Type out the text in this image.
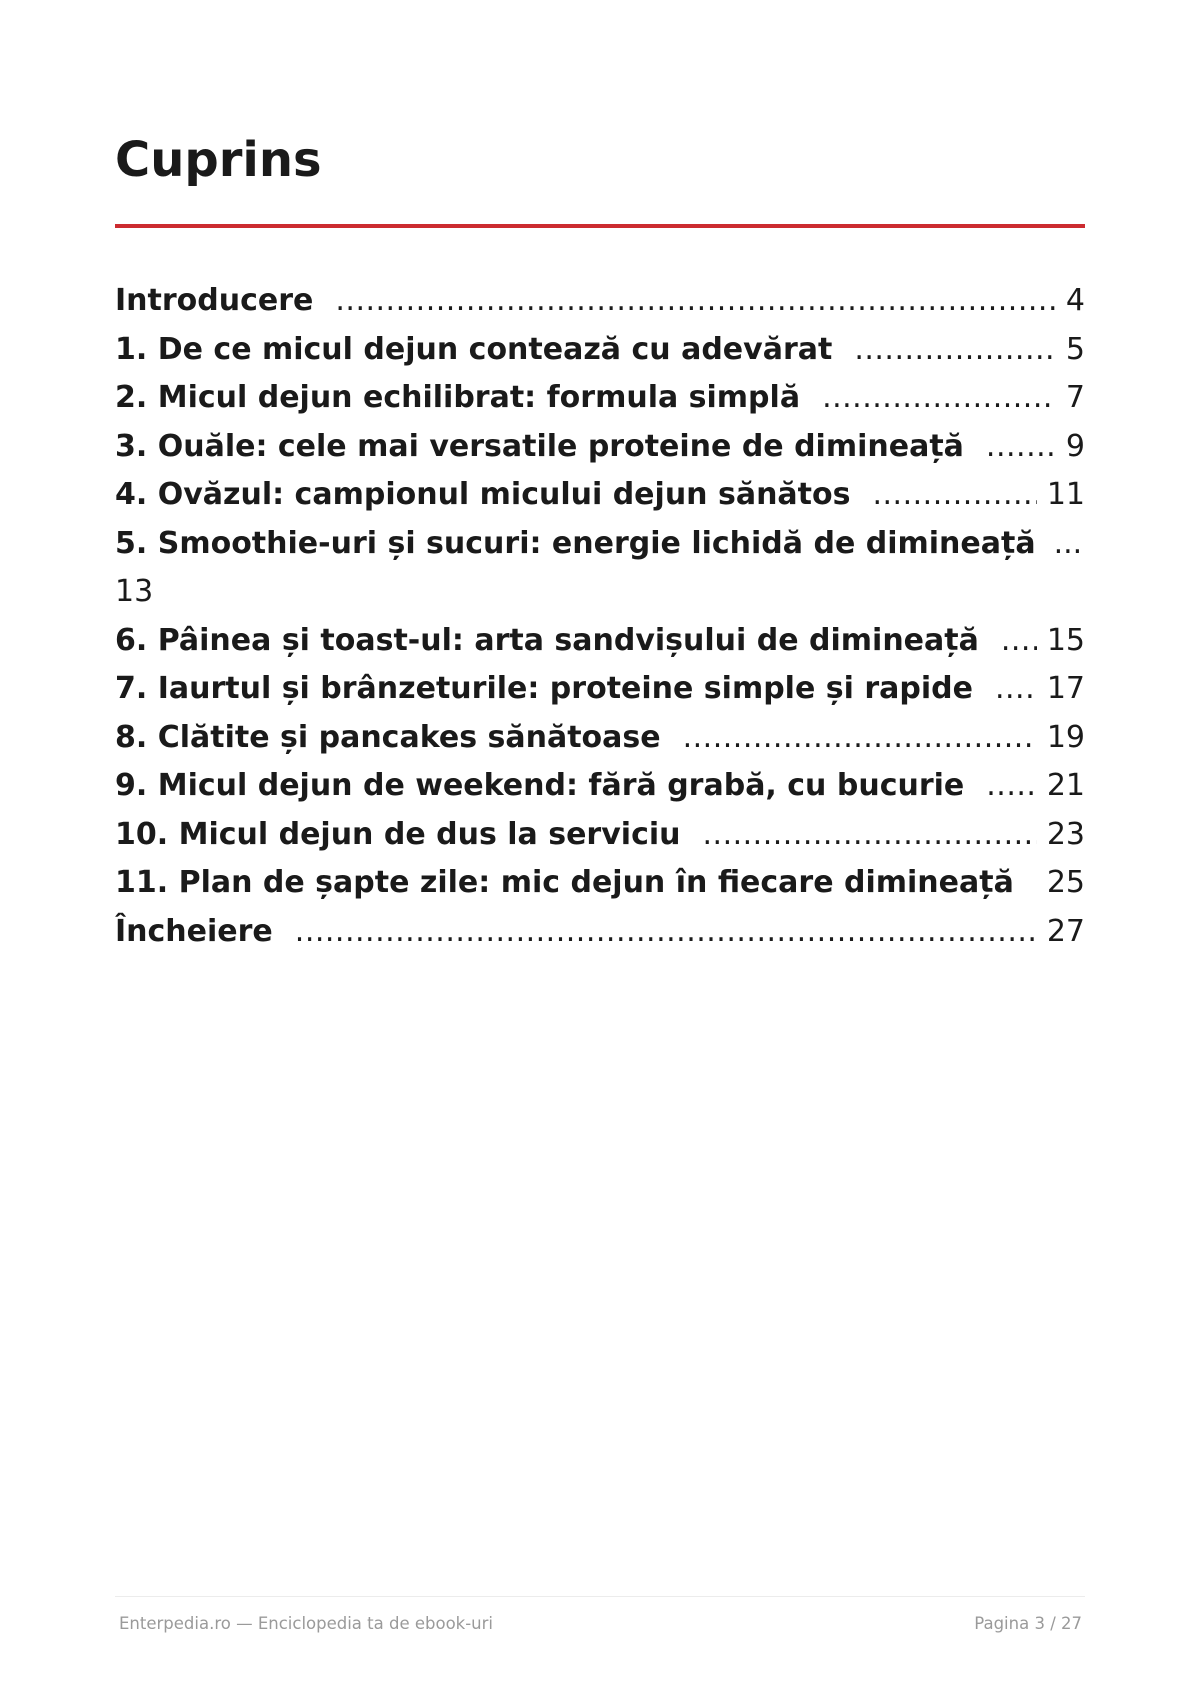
Cuprins
Introducere .....	4
1. De ce micul dejun contează cu adevărat .....	5
2. Micul dejun echilibrat: formula simplă .....	7
3. Ouăle: cele mai versatile proteine de dimineață .....	9
4. Ovăzul: campionul micului dejun sănătos .....	11
5. Smoothie-uri și sucuri: energie lichidă de dimineață ...
13
6. Pâinea și toast-ul: arta sandvișului de dimineață .....	15
7. Iaurtul și brânzeturile: proteine simple și rapide .....	17
8. Clătite și pancakes sănătoase .....	19
9. Micul dejun de weekend: fără grabă, cu bucurie .....	21
10. Micul dejun de dus la serviciu .....	23
11. Plan de șapte zile: mic dejun în fiecare dimineață .....	25
Încheiere .....	27
Enterpedia.ro — Enciclopedia ta de ebook-uri	Pagina 3 / 27
